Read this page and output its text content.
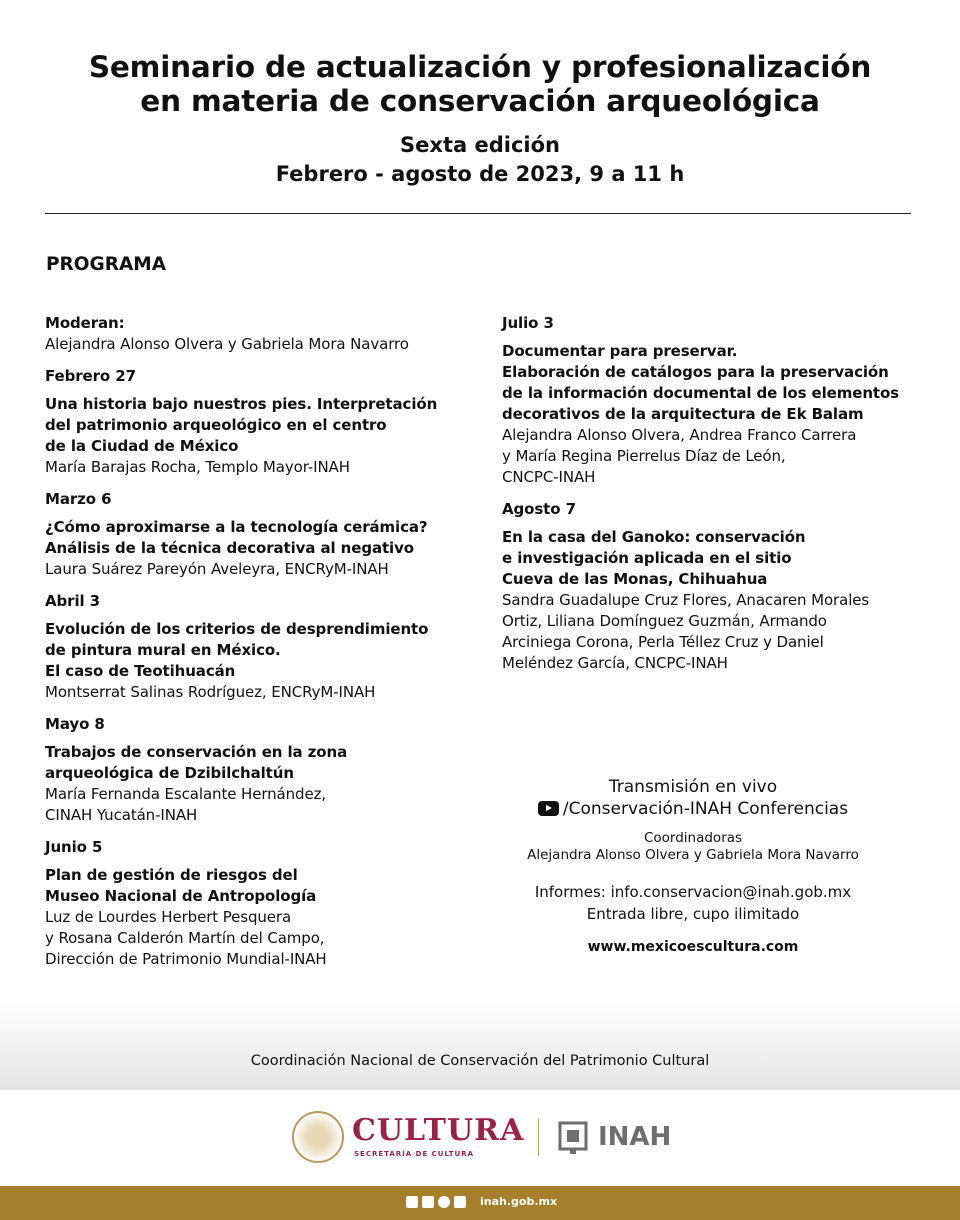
Seminario de actualización y profesionalización
en materia de conservación arqueológica
Sexta edición
Febrero - agosto de 2023, 9 a 11 h
PROGRAMA
Moderan:
Alejandra Alonso Olvera y Gabriela Mora Navarro
Febrero 27
Una historia bajo nuestros pies. Interpretación
del patrimonio arqueológico en el centro
de la Ciudad de México
María Barajas Rocha, Templo Mayor-INAH
Marzo 6
¿Cómo aproximarse a la tecnología cerámica?
Análisis de la técnica decorativa al negativo
Laura Suárez Pareyón Aveleyra, ENCRyM-INAH
Abril 3
Evolución de los criterios de desprendimiento
de pintura mural en México.
El caso de Teotihuacán
Montserrat Salinas Rodríguez, ENCRyM-INAH
Mayo 8
Trabajos de conservación en la zona
arqueológica de Dzibilchaltún
María Fernanda Escalante Hernández,
CINAH Yucatán-INAH
Junio 5
Plan de gestión de riesgos del
Museo Nacional de Antropología
Luz de Lourdes Herbert Pesquera
y Rosana Calderón Martín del Campo,
Dirección de Patrimonio Mundial-INAH
Julio 3
Documentar para preservar.
Elaboración de catálogos para la preservación
de la información documental de los elementos
decorativos de la arquitectura de Ek Balam
Alejandra Alonso Olvera, Andrea Franco Carrera
y María Regina Pierrelus Díaz de León,
CNCPC-INAH
Agosto 7
En la casa del Ganoko: conservación
e investigación aplicada en el sitio
Cueva de las Monas, Chihuahua
Sandra Guadalupe Cruz Flores, Anacaren Morales
Ortiz, Liliana Domínguez Guzmán, Armando
Arciniega Corona, Perla Téllez Cruz y Daniel
Meléndez García, CNCPC-INAH
Transmisión en vivo
/Conservación-INAH Conferencias
Coordinadoras
Alejandra Alonso Olvera y Gabriela Mora Navarro
Informes: info.conservacion@inah.gob.mx
Entrada libre, cupo ilimitado
www.mexicoescultura.com
Coordinación Nacional de Conservación del Patrimonio Cultural
CULTURA
SECRETARÍA DE CULTURA
INAH
inah.gob.mx
